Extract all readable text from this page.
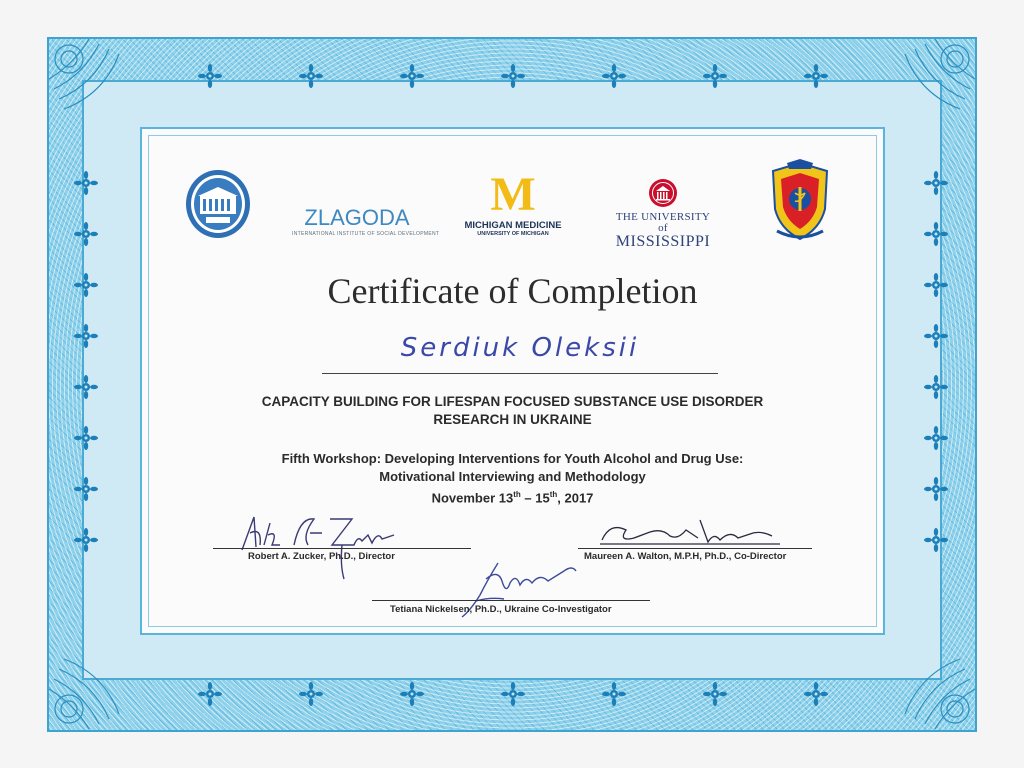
ZLAGODA
INTERNATIONAL INSTITUTE OF SOCIAL DEVELOPMENT
M
MICHIGAN MEDICINE
UNIVERSITY OF MICHIGAN
THE UNIVERSITY of
MISSISSIPPI
Certificate of Completion
Serdiuk Oleksii
CAPACITY BUILDING FOR LIFESPAN FOCUSED SUBSTANCE USE DISORDER
RESEARCH IN UKRAINE
Fifth Workshop: Developing Interventions for Youth Alcohol and Drug Use:
Motivational Interviewing and Methodology
November 13th – 15th, 2017
Robert A. Zucker, Ph.D., Director	Maureen A. Walton, M.P.H, Ph.D., Co-Director
Tetiana Nickelsen, Ph.D., Ukraine Co-Investigator
